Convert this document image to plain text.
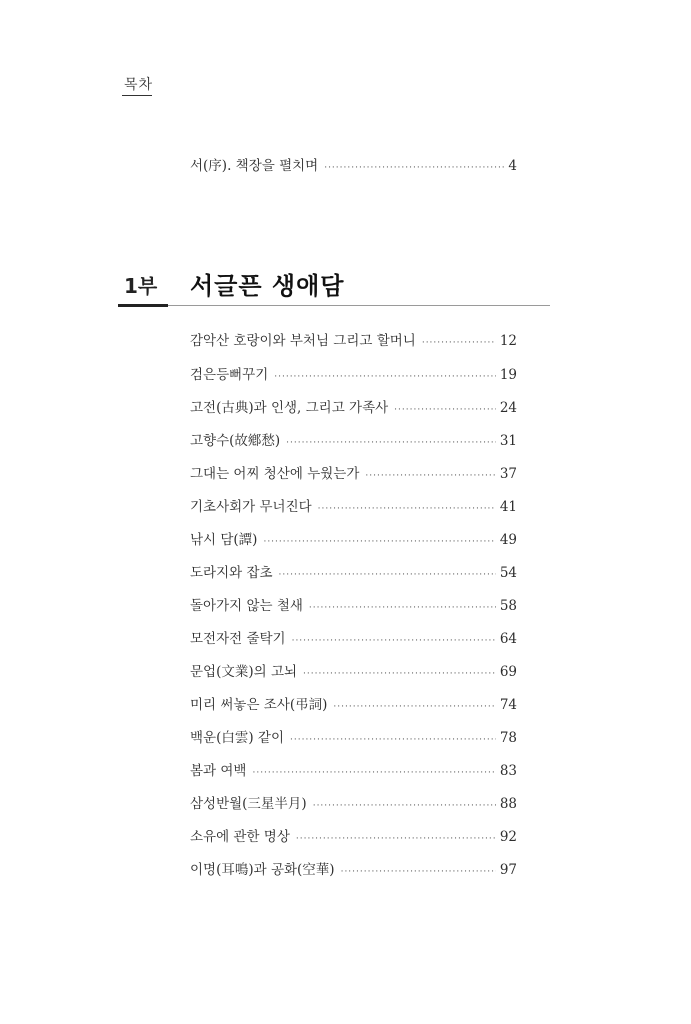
목차
서(序). 책장을 펼치며 ·····	4
1부 서글픈 생애담
감악산 호랑이와 부처님 그리고 할머니 ·····	12
검은등뻐꾸기 ·····	19
고전(古典)과 인생, 그리고 가족사 ·····	24
고향수(故鄕愁) ·····	31
그대는 어찌 청산에 누웠는가 ·····	37
기초사회가 무너진다 ·····	41
낚시 담(譚) ·····	49
도라지와 잡초 ·····	54
돌아가지 않는 철새 ·····	58
모전자전 줄탁기 ·····	64
문업(文業)의 고뇌 ·····	69
미리 써놓은 조사(弔詞) ·····	74
백운(白雲) 같이 ·····	78
봄과 여백 ·····	83
삼성반월(三星半月) ·····	88
소유에 관한 명상 ·····	92
이명(耳鳴)과 공화(空華) ·····	97
